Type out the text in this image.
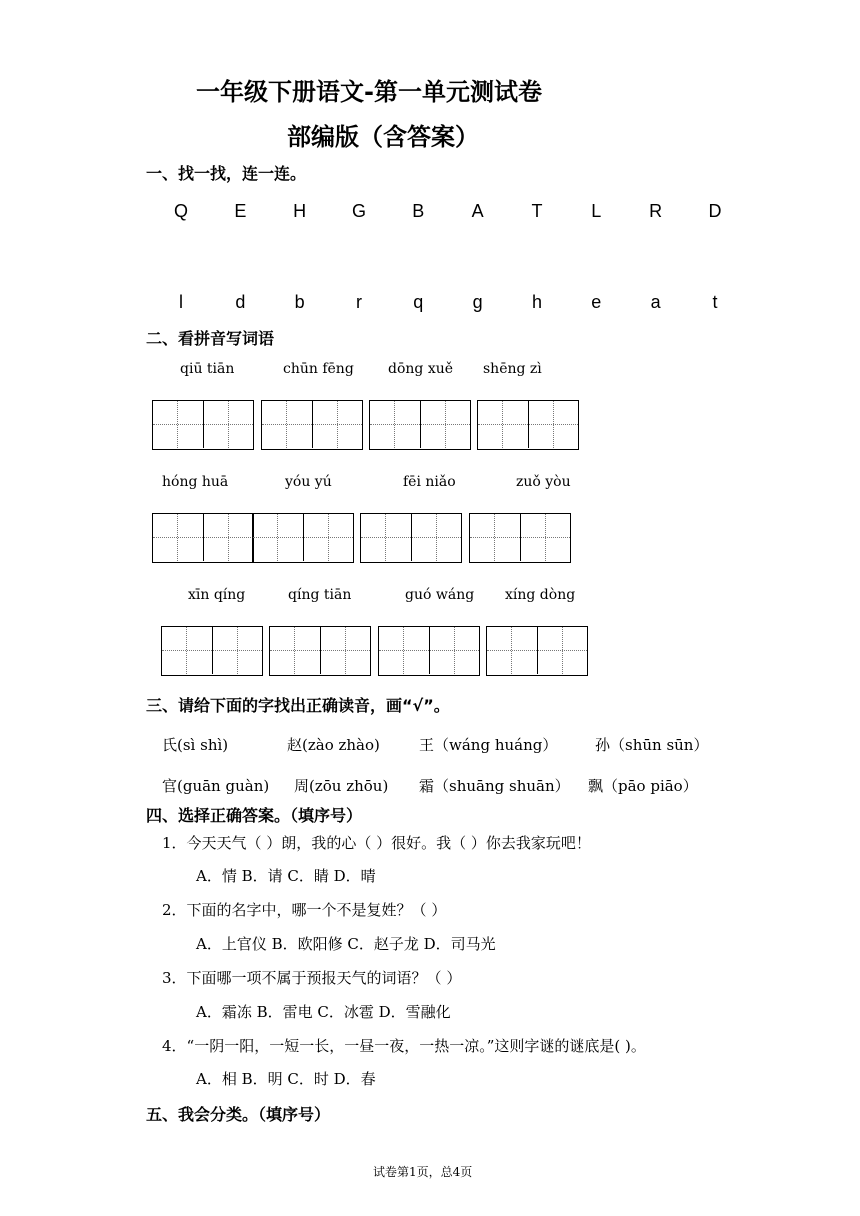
一年级下册语文-第一单元测试卷
部编版（含答案）
一、找一找，连一连。
Q	E	H	G	B	A	T	L	R	D
l	d	b	r	q	g	h	e	a	t
二、看拼音写词语
qiū tiān	chūn fēng dōng xuě shēng zì
hóng huā	yóu yú	fēi niǎo	zuǒ yòu
xīn qíng	qíng tiān	guó wáng xíng dòng
三、请给下面的字找出正确读音，画“√”。
氏(sì shì)	赵(zào zhào)	王（wáng huáng）	孙（shūn sūn）
官(guān guàn) 周(zōu zhōu) 霜（shuāng shuān） 飘（pāo piāo）
四、选择正确答案。（填序号）
1．今天天气（ ）朗，我的心（ ）很好。我（ ）你去我家玩吧！
A．情 B．请 C．睛 D．晴
2．下面的名字中，哪一个不是复姓？（ ）
A．上官仪 B．欧阳修 C．赵子龙 D．司马光
3．下面哪一项不属于预报天气的词语？（ ）
A．霜冻 B．雷电 C．冰雹 D．雪融化
4．“一阴一阳，一短一长，一昼一夜，一热一凉。”这则字谜的谜底是( )。
A．相 B．明 C．时 D．春
五、我会分类。（填序号）
试卷第1页，总4页
